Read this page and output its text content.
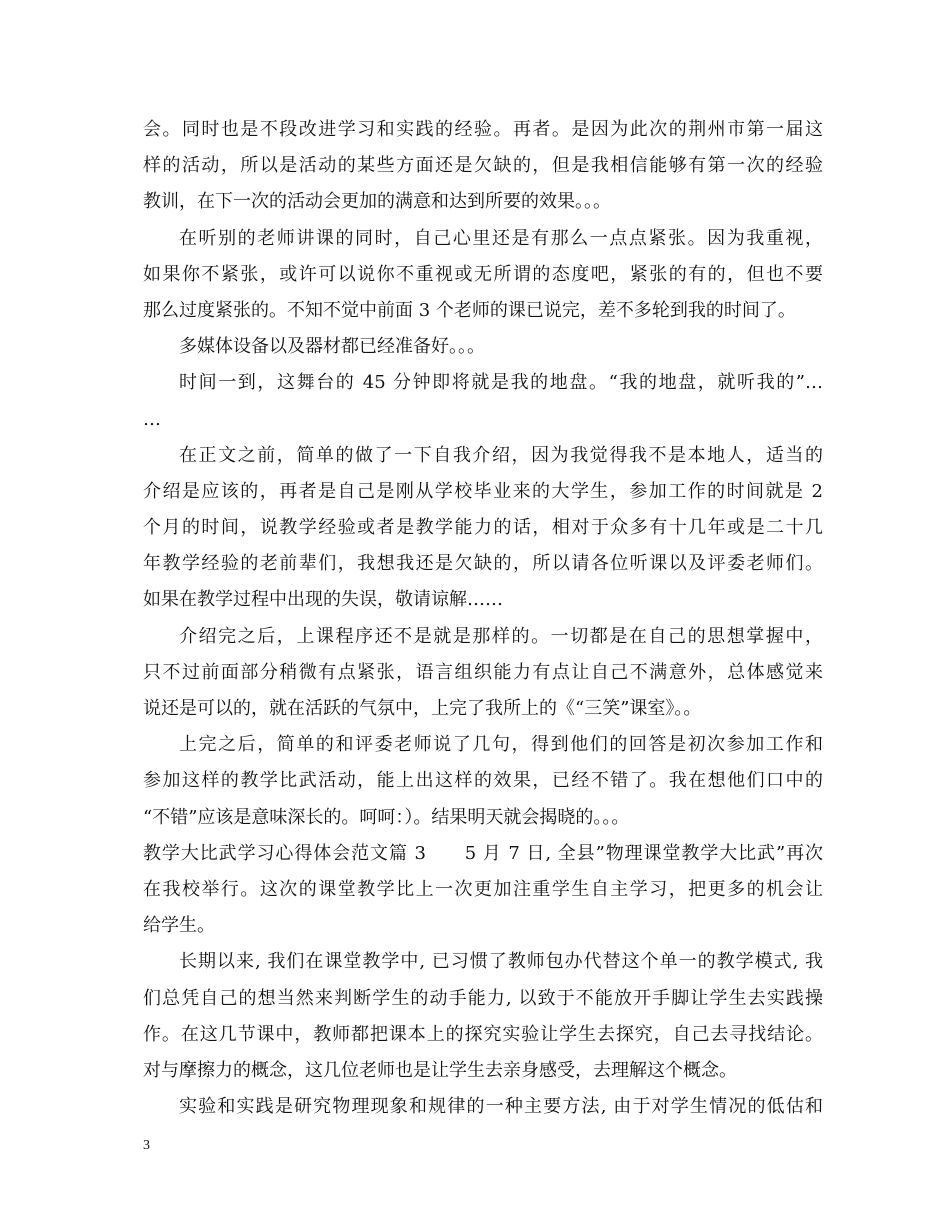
会。同时也是不段改进学习和实践的经验。再者。是因为此次的荆州市第一届这
样的活动，所以是活动的某些方面还是欠缺的，但是我相信能够有第一次的经验
教训，在下一次的活动会更加的满意和达到所要的效果。。。
在听别的老师讲课的同时，自己心里还是有那么一点点紧张。因为我重视，
如果你不紧张，或许可以说你不重视或无所谓的态度吧，紧张的有的，但也不要
那么过度紧张的。不知不觉中前面 3 个老师的课已说完，差不多轮到我的时间了。
多媒体设备以及器材都已经准备好。。。
时间一到，这舞台的 45 分钟即将就是我的地盘。“我的地盘，就听我的”…
…
在正文之前，简单的做了一下自我介绍，因为我觉得我不是本地人，适当的
介绍是应该的，再者是自己是刚从学校毕业来的大学生，参加工作的时间就是 2
个月的时间，说教学经验或者是教学能力的话，相对于众多有十几年或是二十几
年教学经验的老前辈们，我想我还是欠缺的，所以请各位听课以及评委老师们。
如果在教学过程中出现的失误，敬请谅解……
介绍完之后，上课程序还不是就是那样的。一切都是在自己的思想掌握中，
只不过前面部分稍微有点紧张，语言组织能力有点让自己不满意外，总体感觉来
说还是可以的，就在活跃的气氛中，上完了我所上的《“三笑”课室》。。
上完之后，简单的和评委老师说了几句，得到他们的回答是初次参加工作和
参加这样的教学比武活动，能上出这样的效果，已经不错了。我在想他们口中的
“不错”应该是意味深长的。呵呵：）。结果明天就会揭晓的。。。
教学大比武学习心得体会范文篇 3　　5 月 7 日, 全县”物理课堂教学大比武”再次
在我校举行。这次的课堂教学比上一次更加注重学生自主学习，把更多的机会让
给学生。
长期以来, 我们在课堂教学中, 已习惯了教师包办代替这个单一的教学模式, 我
们总凭自己的想当然来判断学生的动手能力, 以致于不能放开手脚让学生去实践操
作。在这几节课中，教师都把课本上的探究实验让学生去探究，自己去寻找结论。
对与摩擦力的概念，这几位老师也是让学生去亲身感受，去理解这个概念。
实验和实践是研究物理现象和规律的一种主要方法, 由于对学生情况的低估和
3
